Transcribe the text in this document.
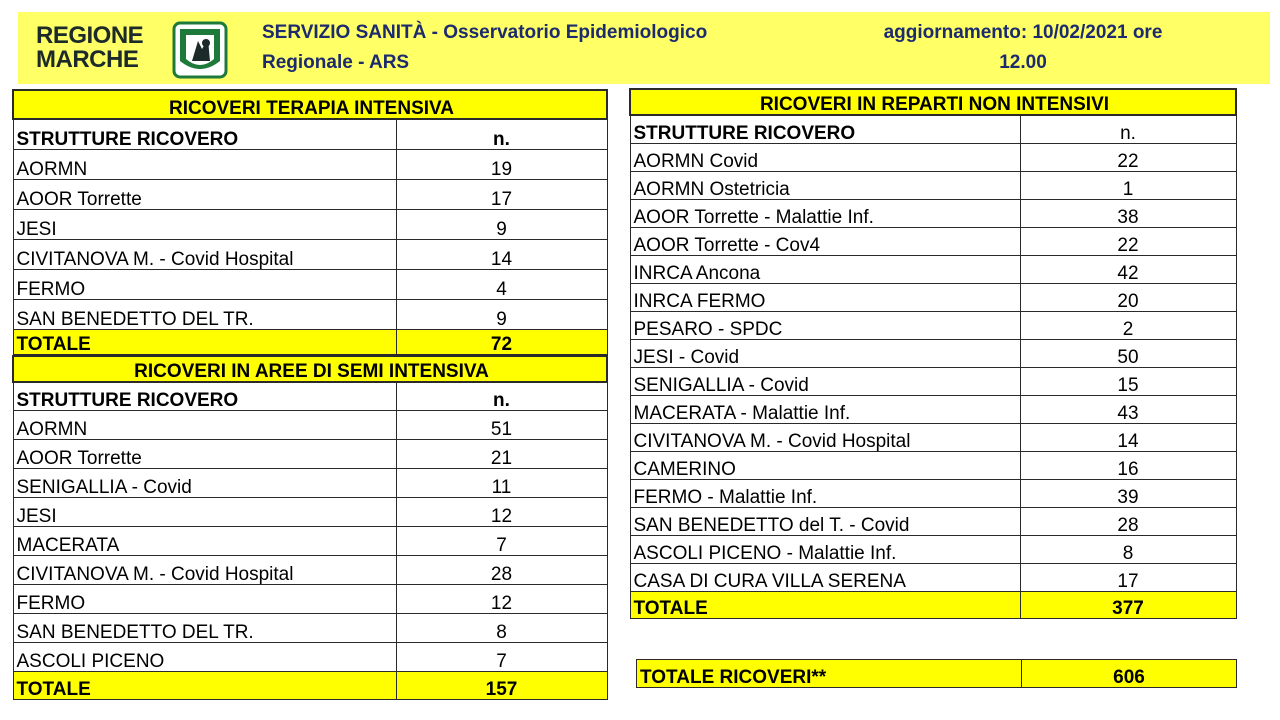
REGIONE
MARCHE
SERVIZIO SANITÀ - Osservatorio Epidemiologico
Regionale - ARS
aggiornamento: 10/02/2021 ore
12.00
RICOVERI TERAPIA INTENSIVA	
STRUTTURE RICOVERO	n.
AORMN	19
AOOR Torrette	17
JESI	9
CIVITANOVA M. - Covid Hospital	14
FERMO	4
SAN BENEDETTO DEL TR.	9
TOTALE	72
RICOVERI IN AREE DI SEMI INTENSIVA	
STRUTTURE RICOVERO	n.
AORMN	51
AOOR Torrette	21
SENIGALLIA - Covid	11
JESI	12
MACERATA	7
CIVITANOVA M. - Covid Hospital	28
FERMO	12
SAN BENEDETTO DEL TR.	8
ASCOLI PICENO	7
TOTALE	157
RICOVERI IN REPARTI NON INTENSIVI	
STRUTTURE RICOVERO	n.
AORMN Covid	22
AORMN Ostetricia	1
AOOR Torrette - Malattie Inf.	38
AOOR Torrette - Cov4	22
INRCA Ancona	42
INRCA FERMO	20
PESARO - SPDC	2
JESI - Covid	50
SENIGALLIA - Covid	15
MACERATA - Malattie Inf.	43
CIVITANOVA M. - Covid Hospital	14
CAMERINO	16
FERMO - Malattie Inf.	39
SAN BENEDETTO del T. - Covid	28
ASCOLI PICENO - Malattie Inf.	8
CASA DI CURA VILLA SERENA	17
TOTALE	377
TOTALE RICOVERI**	606
